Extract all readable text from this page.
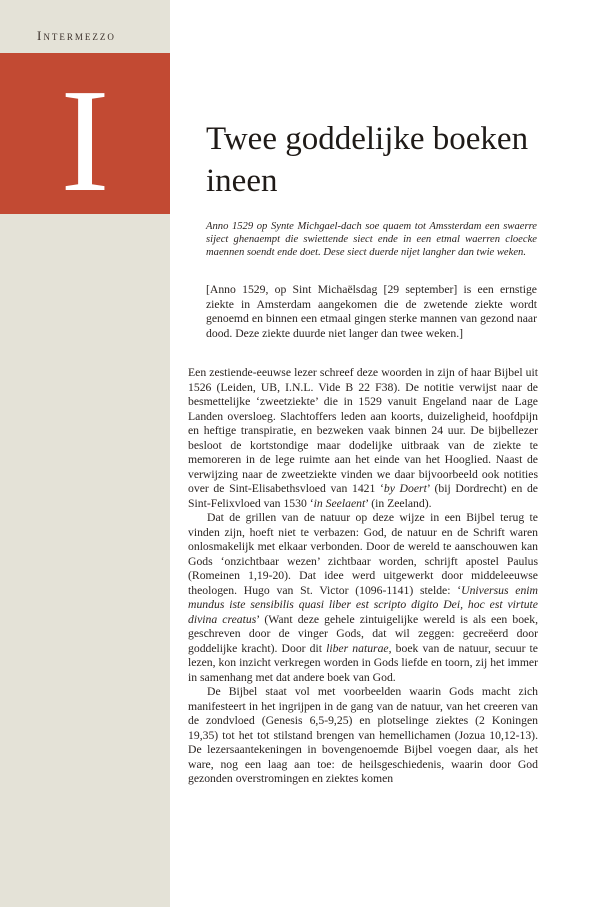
Intermezzo
I	Twee goddelijke boeken ineen

Anno 1529 op Synte Michgael-dach soe quaem tot Amssterdam een swaerre siject ghenaempt die swiettende siect ende in een etmal waerren cloecke maennen soendt ende doet. Dese siect duerde nijet langher dan twie weken.

[Anno 1529, op Sint Michaëlsdag [29 september] is een ernstige ziekte in Amsterdam aangekomen die de zwetende ziekte wordt genoemd en binnen een etmaal gingen sterke mannen van gezond naar dood. Deze ziekte duurde niet langer dan twee weken.]

Een zestiende-eeuwse lezer schreef deze woorden in zijn of haar Bijbel uit 1526 (Leiden, UB, I.N.L. Vide B 22 F38). De notitie verwijst naar de besmettelijke ‘zweetziekte’ die in 1529 vanuit Engeland naar de Lage Landen oversloeg. Slachtoffers leden aan koorts, duizeligheid, hoofdpijn en heftige transpiratie, en bezweken vaak binnen 24 uur. De bijbellezer besloot de kortstondige maar dodelijke uitbraak van de ziekte te memoreren in de lege ruimte aan het einde van het Hooglied. Naast de verwijzing naar de zweetziekte vinden we daar bijvoorbeeld ook notities over de Sint-Elisabethsvloed van 1421 ‘by Doert’ (bij Dordrecht) en de Sint-Felixvloed van 1530 ‘in Seelaent’ (in Zeeland).

Dat de grillen van de natuur op deze wijze in een Bijbel terug te vinden zijn, hoeft niet te verbazen: God, de natuur en de Schrift waren onlosmakelijk met elkaar verbonden. Door de wereld te aanschouwen kan Gods ‘onzichtbaar wezen’ zichtbaar worden, schrijft apostel Paulus (Romeinen 1,19-20). Dat idee werd uitgewerkt door middeleeuwse theologen. Hugo van St. Victor (1096-1141) stelde: ‘Universus enim mundus iste sensibilis quasi liber est scripto digito Dei, hoc est virtute divina creatus’ (Want deze gehele zintuigelijke wereld is als een boek, geschreven door de vinger Gods, dat wil zeggen: gecreëerd door goddelijke kracht). Door dit liber naturae, boek van de natuur, secuur te lezen, kon inzicht verkregen worden in Gods liefde en toorn, zij het immer in samenhang met dat andere boek van God.

De Bijbel staat vol met voorbeelden waarin Gods macht zich manifesteert in het ingrijpen in de gang van de natuur, van het creeren van de zondvloed (Genesis 6,5-9,25) en plotselinge ziektes (2 Koningen 19,35) tot het tot stilstand brengen van hemellichamen (Jozua 10,12-13). De lezersaantekeningen in bovengenoemde Bijbel voegen daar, als het ware, nog een laag aan toe: de heilsgeschiedenis, waarin door God gezonden overstromingen en ziektes komen
